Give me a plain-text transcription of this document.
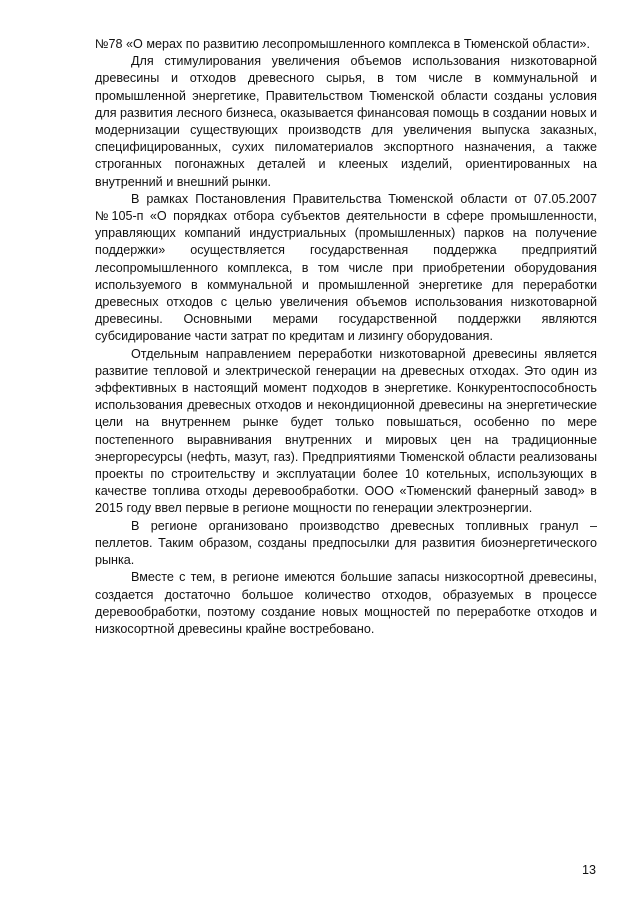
№78 «О мерах по развитию лесопромышленного комплекса в Тюменской области».

Для стимулирования увеличения объемов использования низкотоварной древесины и отходов древесного сырья, в том числе в коммунальной и промышленной энергетике, Правительством Тюменской области созданы условия для развития лесного бизнеса, оказывается финансовая помощь в создании новых и модернизации существующих производств для увеличения выпуска заказных, специфицированных, сухих пиломатериалов экспортного назначения, а также строганных погонажных деталей и клееных изделий, ориентированных на внутренний и внешний рынки.

В рамках Постановления Правительства Тюменской области от 07.05.2007 №105-п «О порядках отбора субъектов деятельности в сфере промышленности, управляющих компаний индустриальных (промышленных) парков на получение поддержки» осуществляется государственная поддержка предприятий лесопромышленного комплекса, в том числе при приобретении оборудования используемого в коммунальной и промышленной энергетике для переработки древесных отходов с целью увеличения объемов использования низкотоварной древесины. Основными мерами государственной поддержки являются субсидирование части затрат по кредитам и лизингу оборудования.

Отдельным направлением переработки низкотоварной древесины является развитие тепловой и электрической генерации на древесных отходах. Это один из эффективных в настоящий момент подходов в энергетике. Конкурентоспособность использования древесных отходов и некондиционной древесины на энергетические цели на внутреннем рынке будет только повышаться, особенно по мере постепенного выравнивания внутренних и мировых цен на традиционные энергоресурсы (нефть, мазут, газ). Предприятиями Тюменской области реализованы проекты по строительству и эксплуатации более 10 котельных, использующих в качестве топлива отходы деревообработки. ООО «Тюменский фанерный завод» в 2015 году ввел первые в регионе мощности по генерации электроэнергии.

В регионе организовано производство древесных топливных гранул – пеллетов. Таким образом, созданы предпосылки для развития биоэнергетического рынка.

Вместе с тем, в регионе имеются большие запасы низкосортной древесины, создается достаточно большое количество отходов, образуемых в процессе деревообработки, поэтому создание новых мощностей по переработке отходов и низкосортной древесины крайне востребовано.

13
